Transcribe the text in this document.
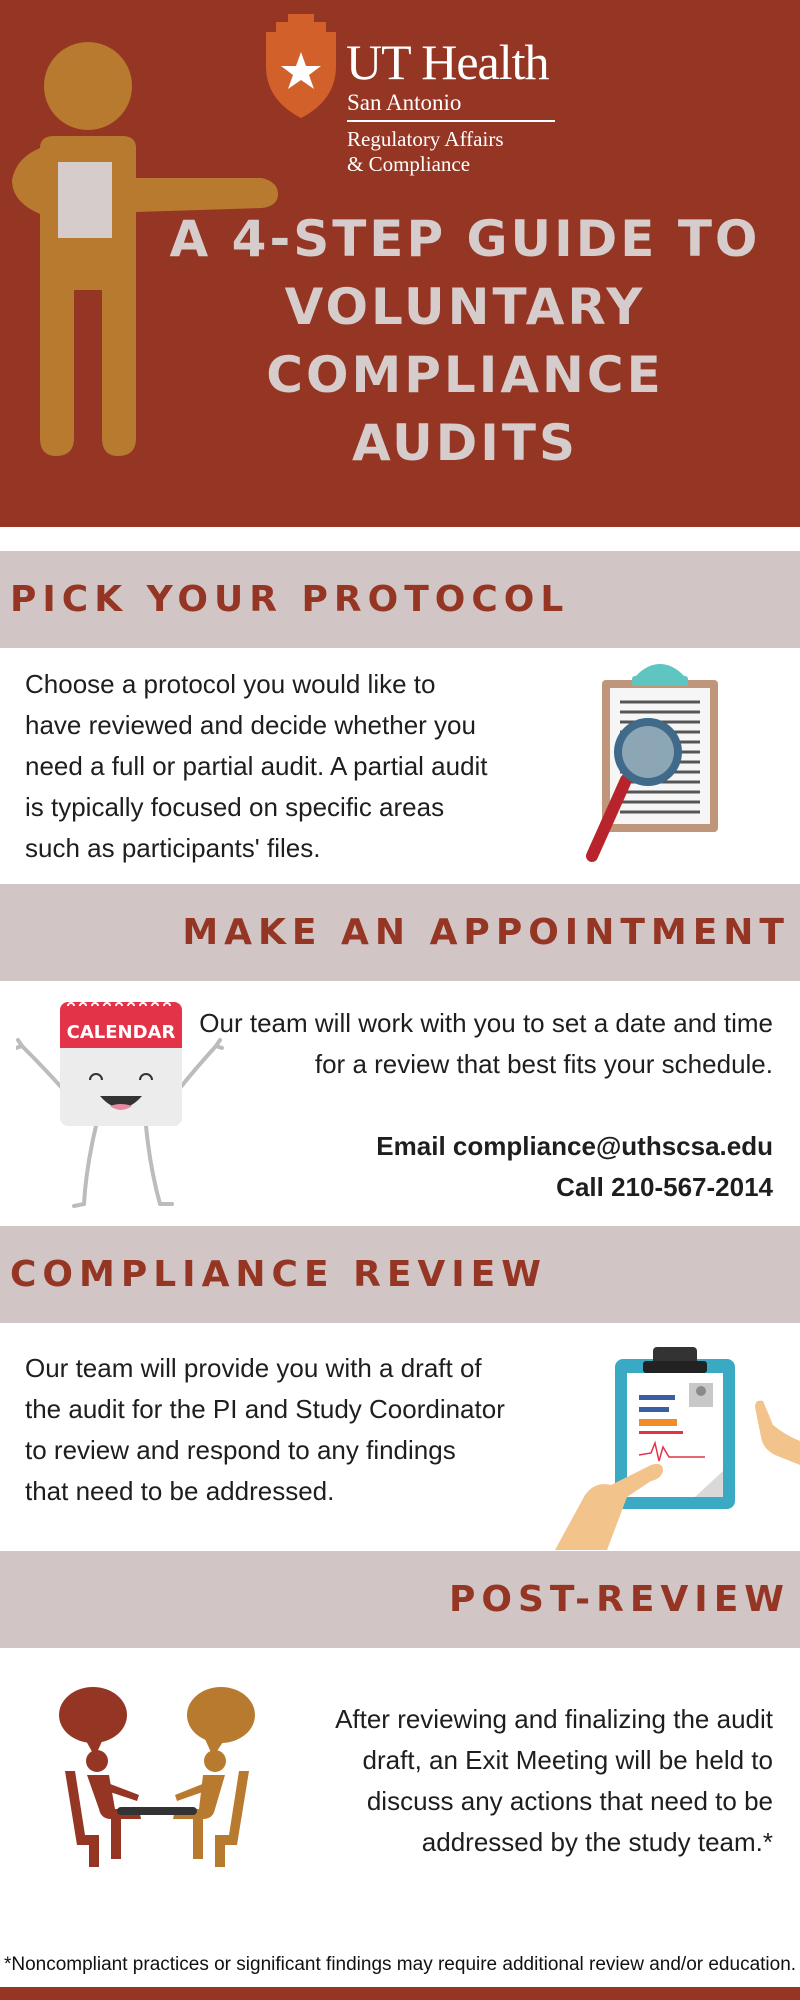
UT Health
San Antonio
Regulatory Affairs
& Compliance
A 4-STEP GUIDE TO VOLUNTARY COMPLIANCE AUDITS
PICK YOUR PROTOCOL
Choose a protocol you would like to have reviewed and decide whether you need a full or partial audit. A partial audit is typically focused on specific areas such as participants' files.
MAKE AN APPOINTMENT
Our team will work with you to set a date and time for a review that best fits your schedule.
Email compliance@uthscsa.edu
Call 210-567-2014
CALENDAR
COMPLIANCE REVIEW
Our team will provide you with a draft of the audit for the PI and Study Coordinator to review and respond to any findings that need to be addressed.
POST-REVIEW
After reviewing and finalizing the audit draft, an Exit Meeting will be held to discuss any actions that need to be addressed by the study team.*
*Noncompliant practices or significant findings may require additional review and/or education.
